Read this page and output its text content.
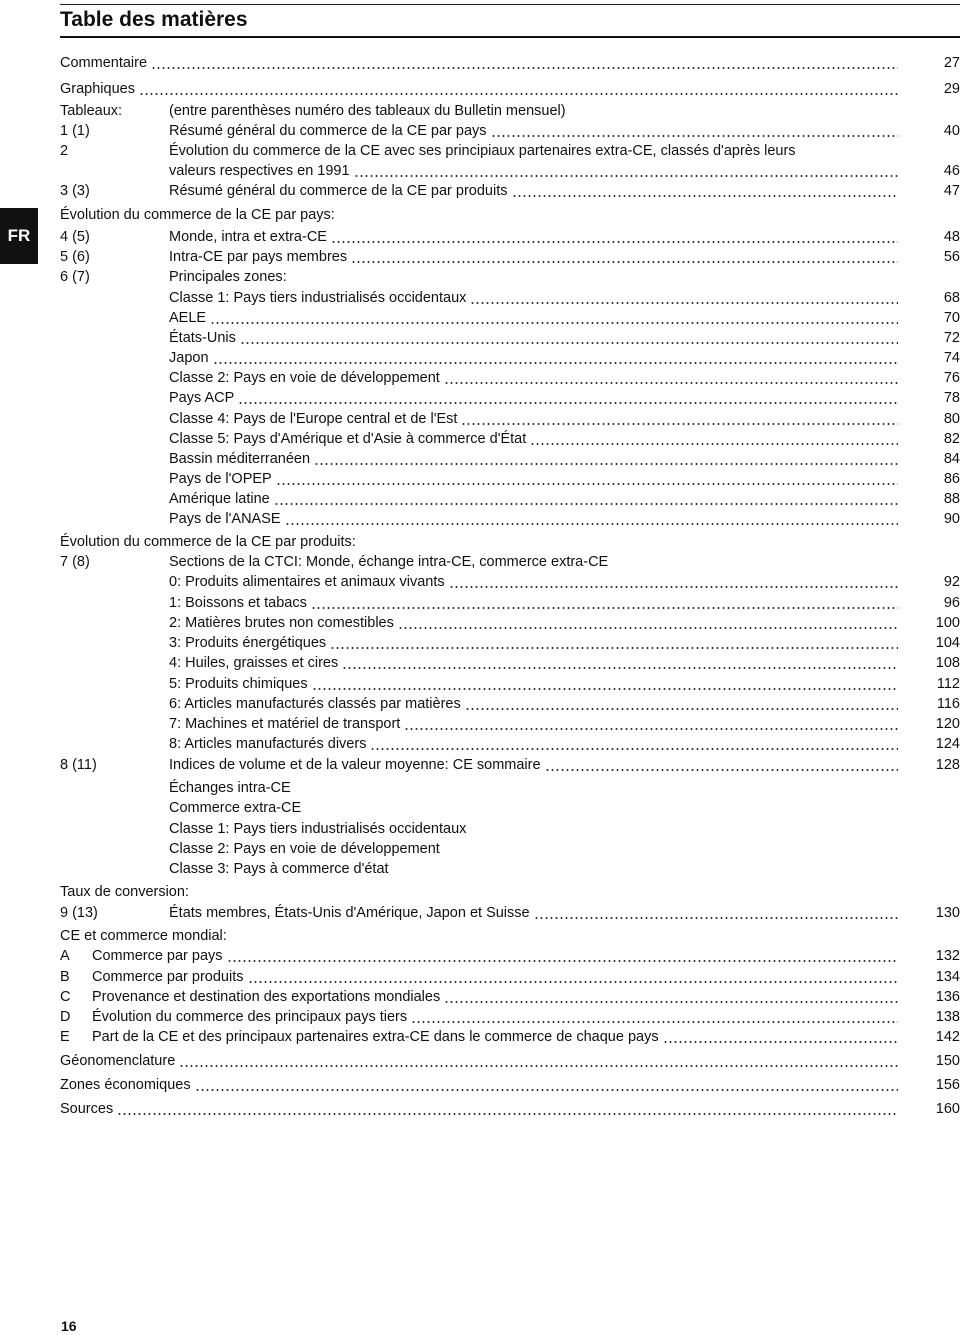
Table des matières
FR
Commentaire	27
Graphiques	29
Tableaux:	(entre parenthèses numéro des tableaux du Bulletin mensuel)
1 (1)	Résumé général du commerce de la CE par pays	40
2	Évolution du commerce de la CE avec ses principiaux partenaires extra-CE, classés d'après leurs
valeurs respectives en 1991	46
3 (3)	Résumé général du commerce de la CE par produits	47
Évolution du commerce de la CE par pays:
4 (5)	Monde, intra et extra-CE	48
5 (6)	Intra-CE par pays membres	56
6 (7)	Principales zones:
Classe 1: Pays tiers industrialisés occidentaux	68
AELE	70
États-Unis	72
Japon	74
Classe 2: Pays en voie de développement	76
Pays ACP	78
Classe 4: Pays de l'Europe central et de l'Est	80
Classe 5: Pays d'Amérique et d'Asie à commerce d'État	82
Bassin méditerranéen	84
Pays de l'OPEP	86
Amérique latine	88
Pays de l'ANASE	90
Évolution du commerce de la CE par produits:
7 (8)	Sections de la CTCI: Monde, échange intra-CE, commerce extra-CE
0: Produits alimentaires et animaux vivants	92
1: Boissons et tabacs	96
2: Matières brutes non comestibles	100
3: Produits énergétiques	104
4: Huiles, graisses et cires	108
5: Produits chimiques	112
6: Articles manufacturés classés par matières	116
7: Machines et matériel de transport	120
8: Articles manufacturés divers	124
8 (11)	Indices de volume et de la valeur moyenne: CE sommaire	128
Échanges intra-CE
Commerce extra-CE
Classe 1: Pays tiers industrialisés occidentaux
Classe 2: Pays en voie de développement
Classe 3: Pays à commerce d'état
Taux de conversion:
9 (13)	États membres, États-Unis d'Amérique, Japon et Suisse	130
CE et commerce mondial:
A Commerce par pays	132
B Commerce par produits	134
C Provenance et destination des exportations mondiales	136
D Évolution du commerce des principaux pays tiers	138
E Part de la CE et des principaux partenaires extra-CE dans le commerce de chaque pays	142
Géonomenclature	150
Zones économiques	156
Sources	160
16
